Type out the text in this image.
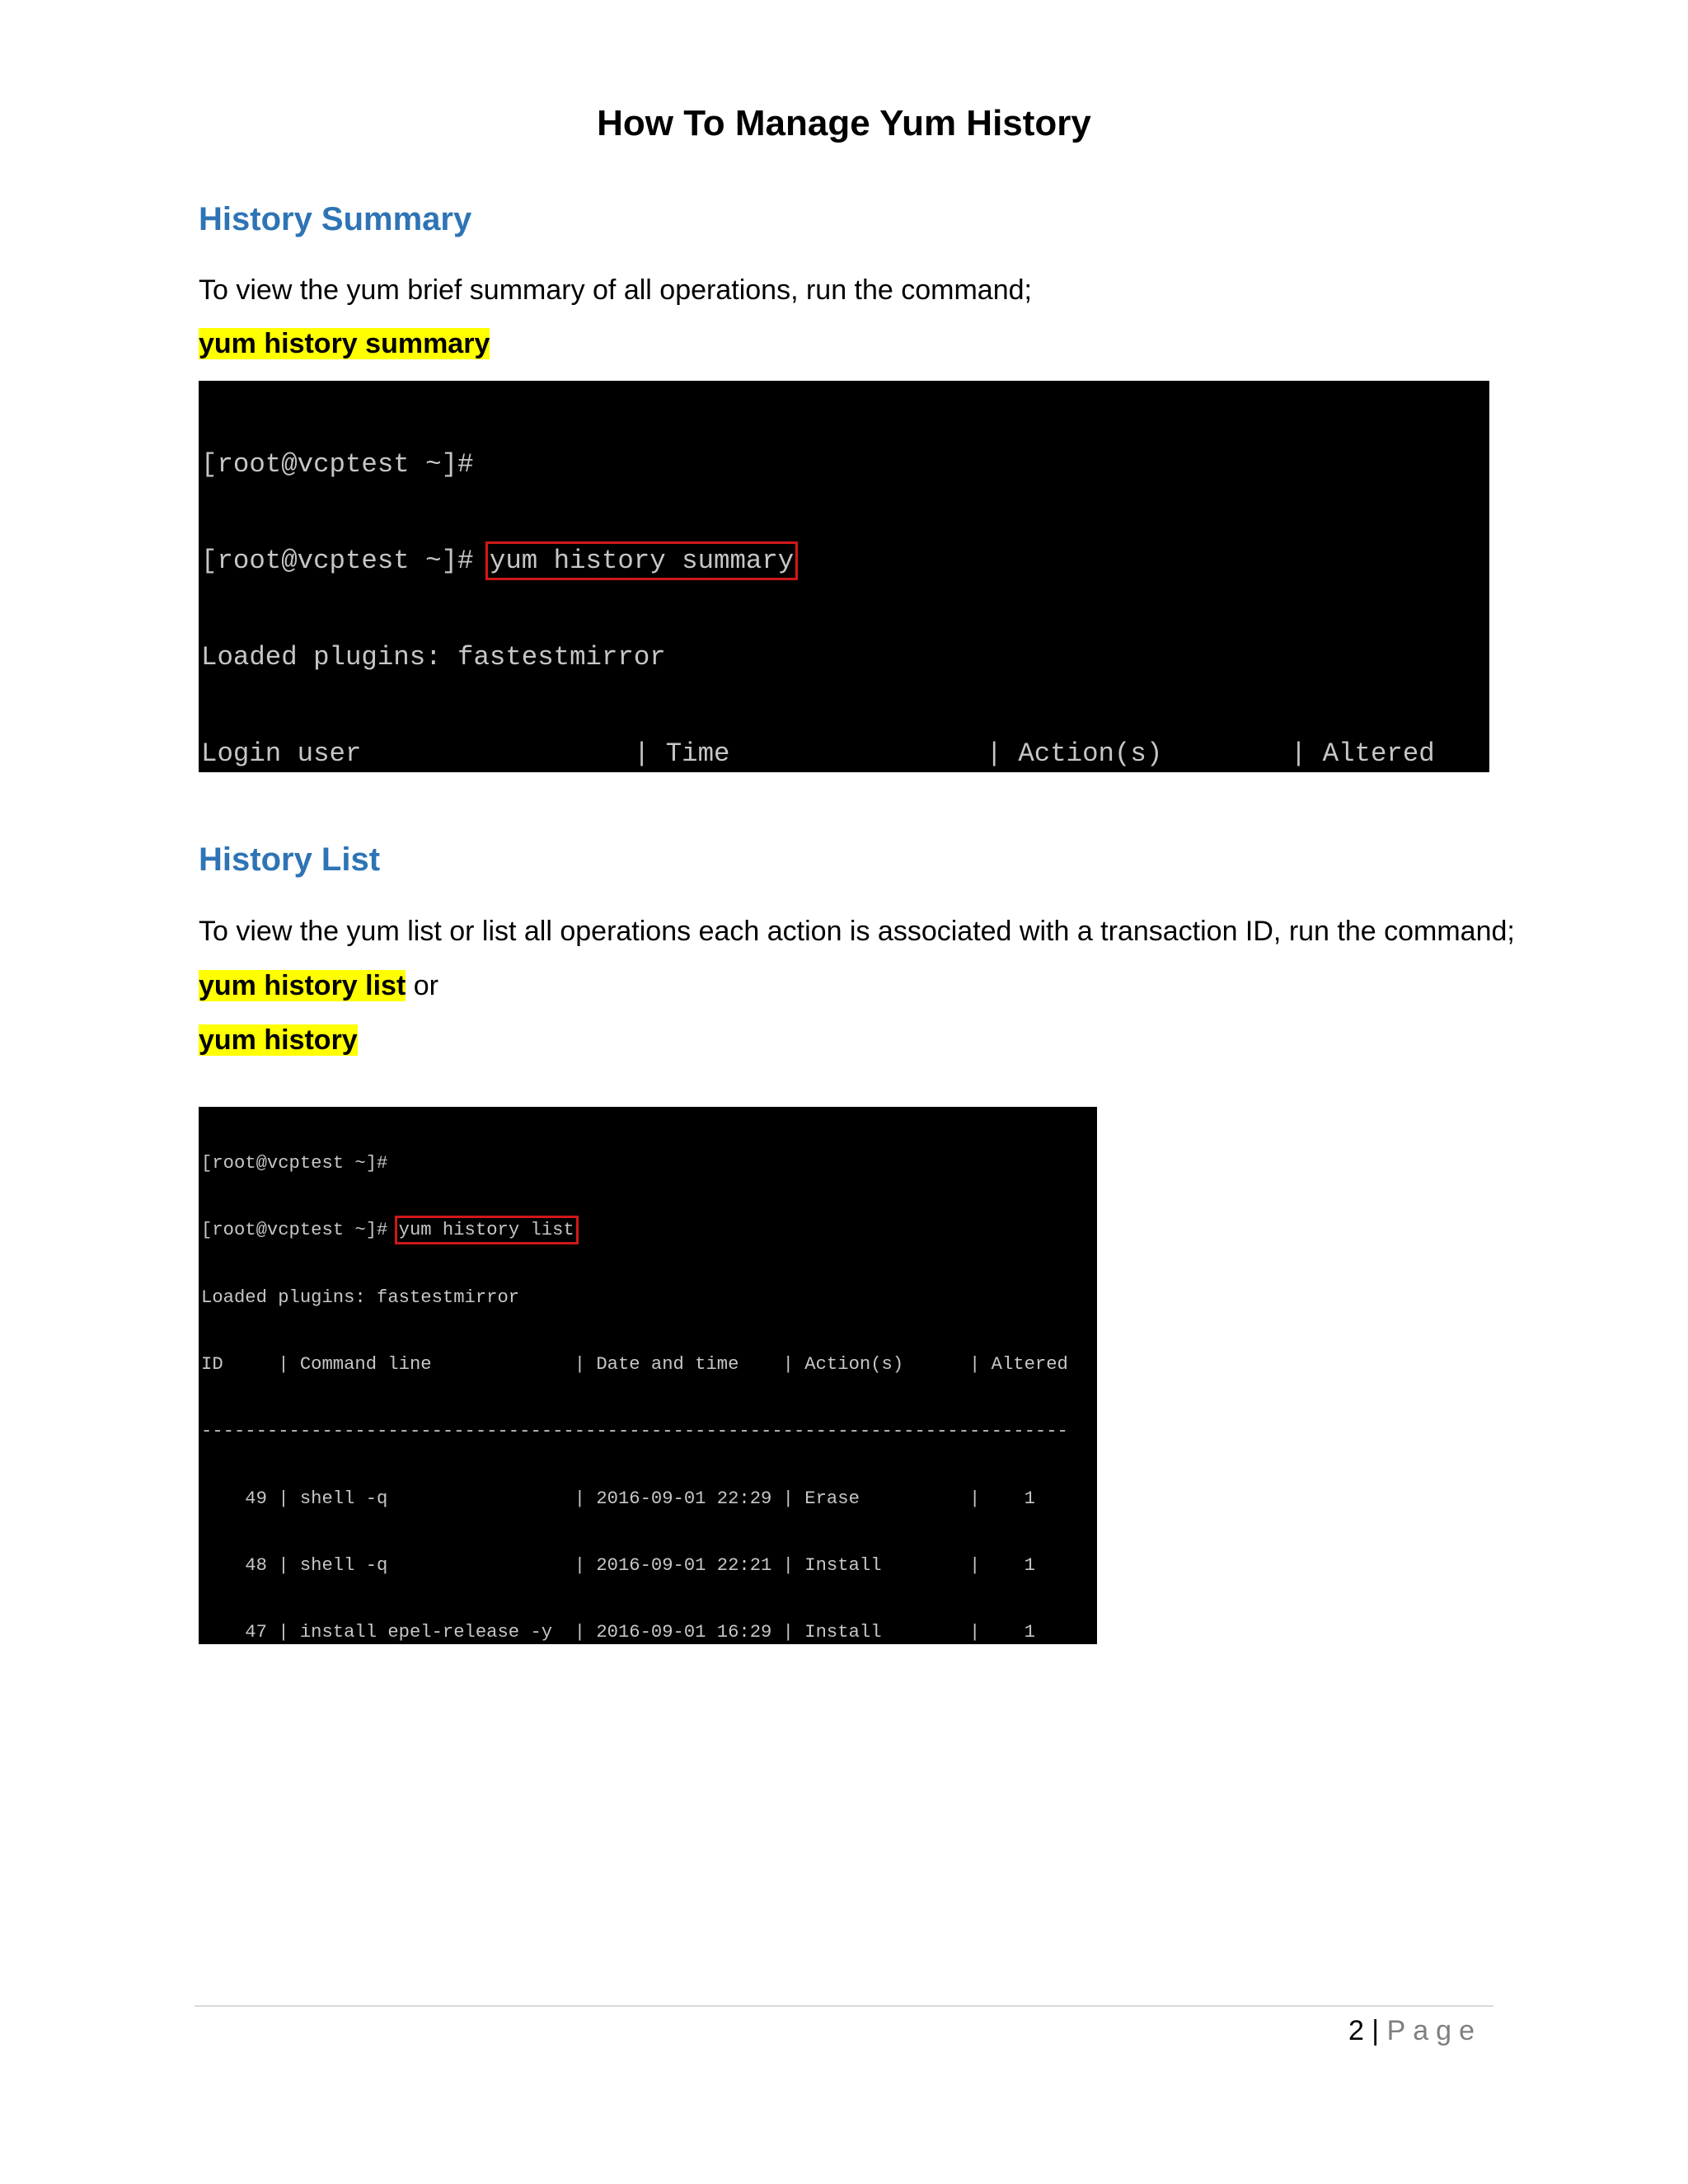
How To Manage Yum History
History Summary

To view the yum brief summary of all operations, run the command;

yum history summary

[root@vcptest ~]#

[root@vcptest ~]# yum history summary

Loaded plugins: fastestmirror

Login user                 | Time                | Action(s)        | Altered

History List

To view the yum list or list all operations each action is associated with a transaction ID, run the command;

yum history list or

yum history

[root@vcptest ~]#

[root@vcptest ~]# yum history list

Loaded plugins: fastestmirror

ID     | Command line             | Date and time    | Action(s)      | Altered

-------------------------------------------------------------------------------

49 | shell -q                 | 2016-09-01 22:29 | Erase          |    1

48 | shell -q                 | 2016-09-01 22:21 | Install        |    1

47 | install epel-release -y  | 2016-09-01 16:29 | Install        |    1

2 | Page
